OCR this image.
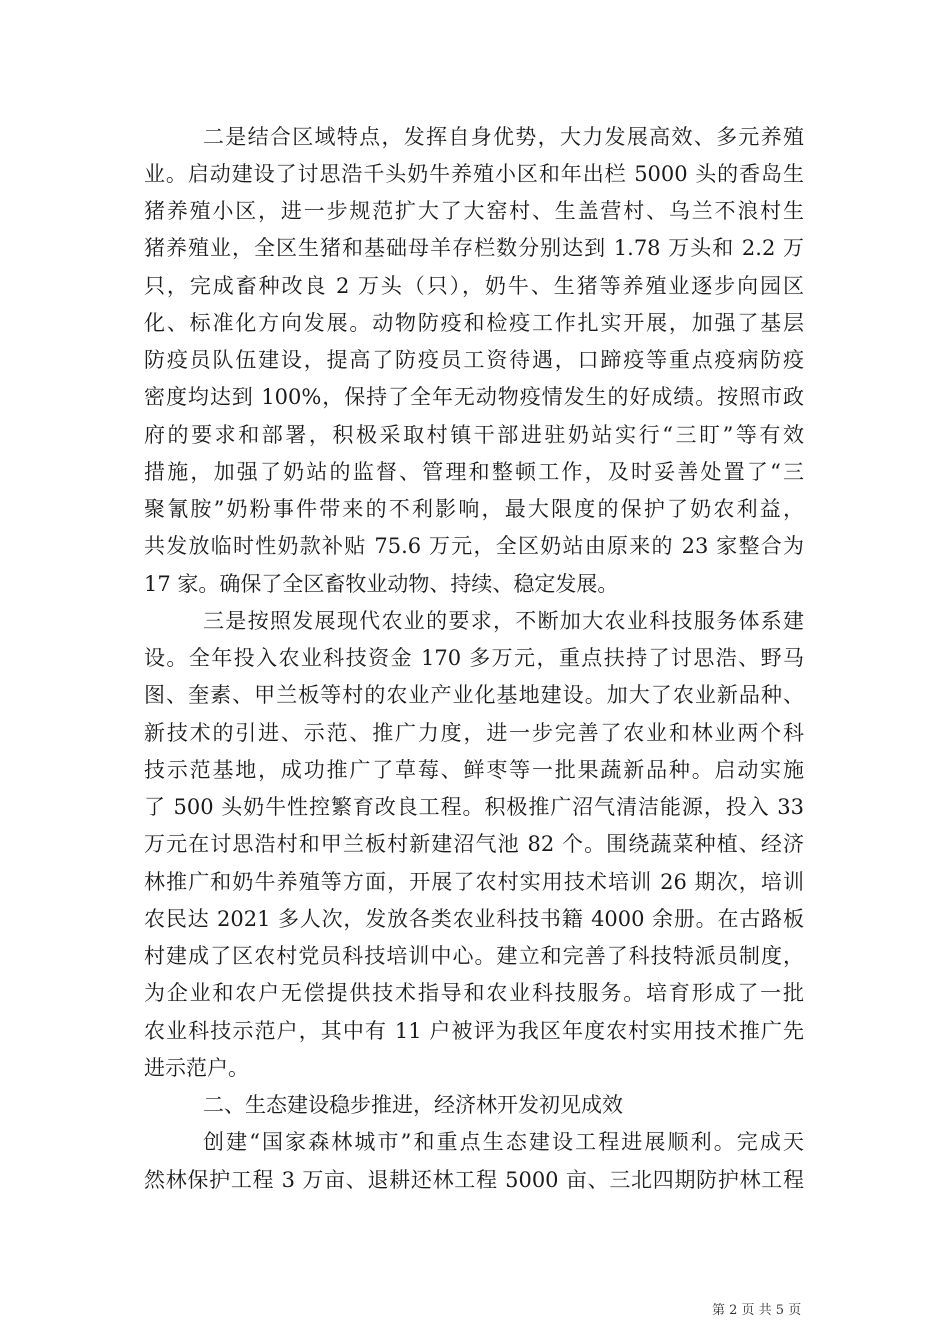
二是结合区域特点，发挥自身优势，大力发展高效、多元养殖
业。启动建设了讨思浩千头奶牛养殖小区和年出栏 5000 头的香岛生
猪养殖小区，进一步规范扩大了大窑村、生盖营村、乌兰不浪村生
猪养殖业，全区生猪和基础母羊存栏数分别达到 1.78 万头和 2.2 万
只，完成畜种改良 2 万头（只），奶牛、生猪等养殖业逐步向园区
化、标准化方向发展。动物防疫和检疫工作扎实开展，加强了基层
防疫员队伍建设，提高了防疫员工资待遇，口蹄疫等重点疫病防疫
密度均达到 100%，保持了全年无动物疫情发生的好成绩。按照市政
府的要求和部署，积极采取村镇干部进驻奶站实行“三盯”等有效
措施，加强了奶站的监督、管理和整顿工作，及时妥善处置了“三
聚氰胺”奶粉事件带来的不利影响，最大限度的保护了奶农利益，
共发放临时性奶款补贴 75.6 万元，全区奶站由原来的 23 家整合为
17 家。确保了全区畜牧业动物、持续、稳定发展。
三是按照发展现代农业的要求，不断加大农业科技服务体系建
设。全年投入农业科技资金 170 多万元，重点扶持了讨思浩、野马
图、奎素、甲兰板等村的农业产业化基地建设。加大了农业新品种、
新技术的引进、示范、推广力度，进一步完善了农业和林业两个科
技示范基地，成功推广了草莓、鲜枣等一批果蔬新品种。启动实施
了 500 头奶牛性控繁育改良工程。积极推广沼气清洁能源，投入 33
万元在讨思浩村和甲兰板村新建沼气池 82 个。围绕蔬菜种植、经济
林推广和奶牛养殖等方面，开展了农村实用技术培训 26 期次，培训
农民达 2021 多人次，发放各类农业科技书籍 4000 余册。在古路板
村建成了区农村党员科技培训中心。建立和完善了科技特派员制度，
为企业和农户无偿提供技术指导和农业科技服务。培育形成了一批
农业科技示范户，其中有 11 户被评为我区年度农村实用技术推广先
进示范户。
二、生态建设稳步推进，经济林开发初见成效
创建“国家森林城市”和重点生态建设工程进展顺利。完成天
然林保护工程 3 万亩、退耕还林工程 5000 亩、三北四期防护林工程
第 2 页 共 5 页
